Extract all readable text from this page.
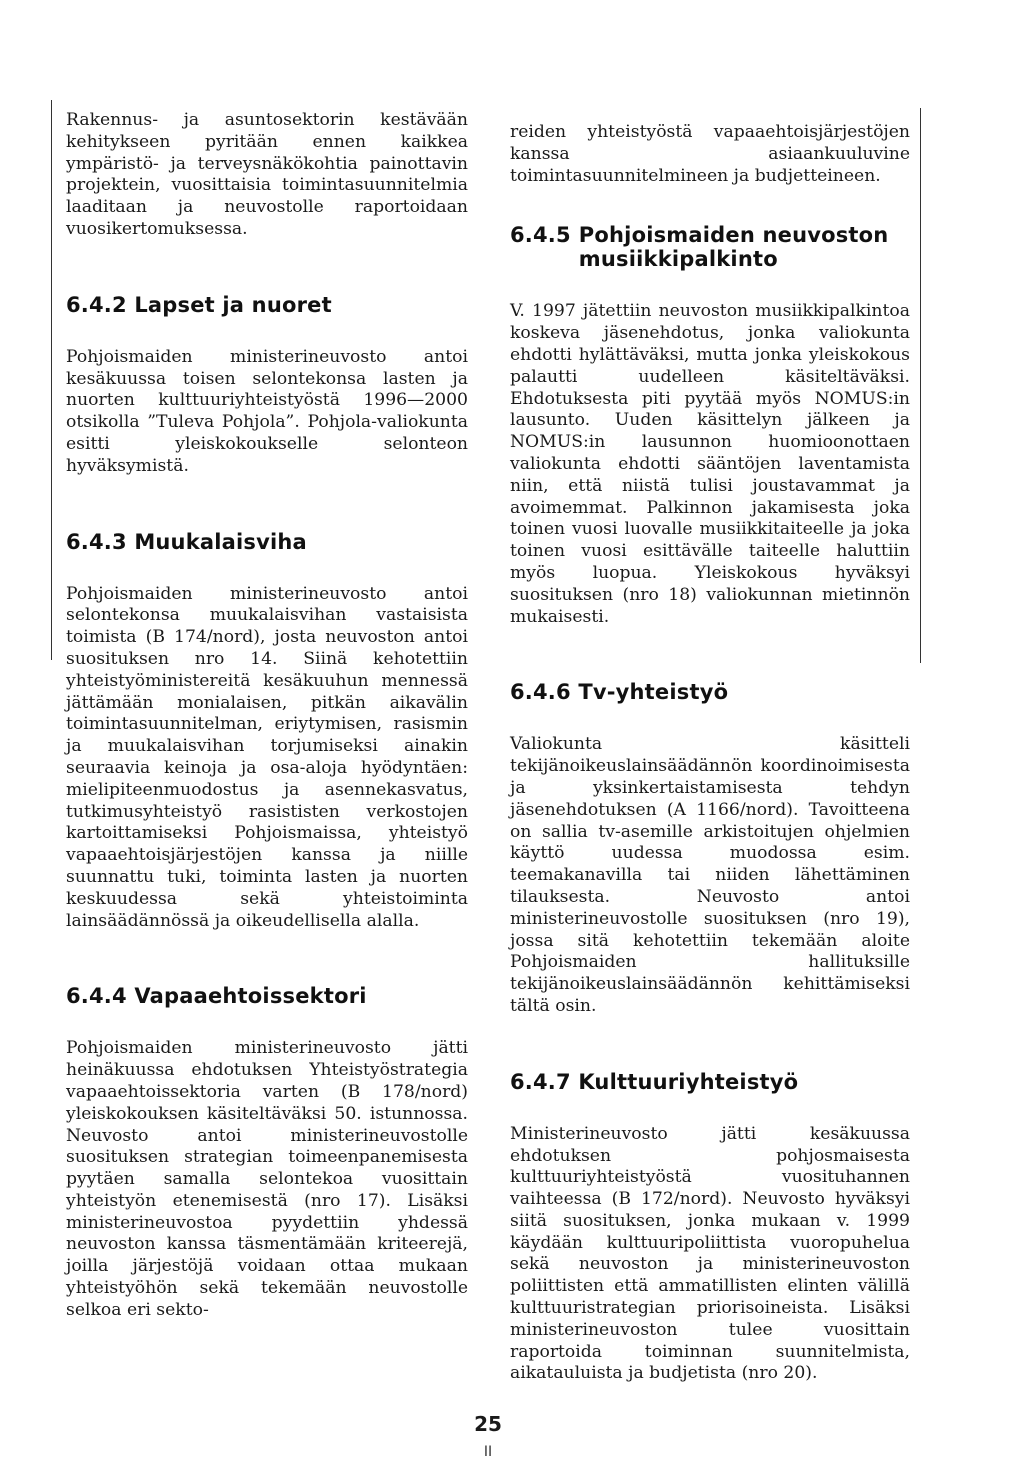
Rakennus- ja asuntosektorin kestävään kehitykseen pyritään ennen kaikkea ympäristö- ja terveysnäkökohtia painottavin projektein, vuosittaisia toimintasuunnitelmia laaditaan ja neuvostolle raportoidaan vuosikertomuksessa.

6.4.2 Lapset ja nuoret

Pohjoismaiden ministerineuvosto antoi kesäkuussa toisen selontekonsa lasten ja nuorten kulttuuriyhteistyöstä 1996—2000 otsikolla ”Tuleva Pohjola”. Pohjola-valiokunta esitti yleiskokoukselle selonteon hyväksymistä.

6.4.3 Muukalaisviha

Pohjoismaiden ministerineuvosto antoi selontekonsa muukalaisvihan vastaisista toimista (B 174/nord), josta neuvoston antoi suosituksen nro 14. Siinä kehotettiin yhteistyöministereitä kesäkuuhun mennessä jättämään monialaisen, pitkän aikavälin toimintasuunnitelman, eriytymisen, rasismin ja muukalaisvihan torjumiseksi ainakin seuraavia keinoja ja osa-aloja hyödyntäen: mielipiteenmuodostus ja asennekasvatus, tutkimusyhteistyö rasististen verkostojen kartoittamiseksi Pohjoismaissa, yhteistyö vapaaehtoisjärjestöjen kanssa ja niille suunnattu tuki, toiminta lasten ja nuorten keskuudessa sekä yhteistoiminta lainsäädännössä ja oikeudellisella alalla.

6.4.4 Vapaaehtoissektori

Pohjoismaiden ministerineuvosto jätti heinäkuussa ehdotuksen Yhteistyöstrategia vapaaehtoissektoria varten (B 178/nord) yleiskokouksen käsiteltäväksi 50. istunnossa. Neuvosto antoi ministerineuvostolle suosituksen strategian toimeenpanemisesta pyytäen samalla selontekoa vuosittain yhteistyön etenemisestä (nro 17). Lisäksi ministerineuvostoa pyydettiin yhdessä neuvoston kanssa täsmentämään kriteerejä, joilla järjestöjä voidaan ottaa mukaan yhteistyöhön sekä tekemään neuvostolle selkoa eri sekto-

reiden yhteistyöstä vapaaehtoisjärjestöjen kanssa asiaankuuluvine toimintasuunnitelmineen ja budjetteineen.

6.4.5 Pohjoismaiden neuvoston musiikkipalkinto

V. 1997 jätettiin neuvoston musiikkipalkintoa koskeva jäsenehdotus, jonka valiokunta ehdotti hylättäväksi, mutta jonka yleiskokous palautti uudelleen käsiteltäväksi. Ehdotuksesta piti pyytää myös NOMUS:in lausunto. Uuden käsittelyn jälkeen ja NOMUS:in lausunnon huomioonottaen valiokunta ehdotti sääntöjen laventamista niin, että niistä tulisi joustavammat ja avoimemmat. Palkinnon jakamisesta joka toinen vuosi luovalle musiikkitaiteelle ja joka toinen vuosi esittävälle taiteelle haluttiin myös luopua. Yleiskokous hyväksyi suosituksen (nro 18) valiokunnan mietinnön mukaisesti.

6.4.6 Tv-yhteistyö

Valiokunta käsitteli tekijänoikeuslainsäädännön koordinoimisesta ja yksinkertaistamisesta tehdyn jäsenehdotuksen (A 1166/nord). Tavoitteena on sallia tv-asemille arkistoitujen ohjelmien käyttö uudessa muodossa esim. teemakanavilla tai niiden lähettäminen tilauksesta. Neuvosto antoi ministerineuvostolle suosituksen (nro 19), jossa sitä kehotettiin tekemään aloite Pohjoismaiden hallituksille tekijänoikeuslainsäädännön kehittämiseksi tältä osin.

6.4.7 Kulttuuriyhteistyö

Ministerineuvosto jätti kesäkuussa ehdotuksen pohjosmaisesta kulttuuriyhteistyöstä vuosituhannen vaihteessa (B 172/nord). Neuvosto hyväksyi siitä suosituksen, jonka mukaan v. 1999 käydään kulttuuripoliittista vuoropuhelua sekä neuvoston ja ministerineuvoston poliittisten että ammatillisten elinten välillä kulttuuristrategian priorisoineista. Lisäksi ministerineuvoston tulee vuosittain raportoida toiminnan suunnitelmista, aikatauluista ja budjetista (nro 20).

25
II
